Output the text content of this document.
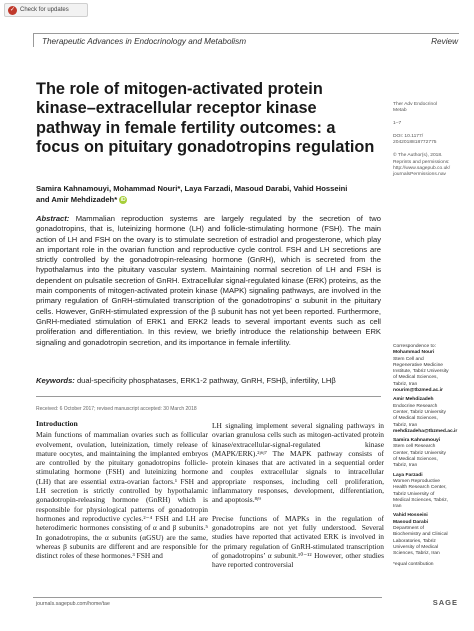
✓ Check for updates
Therapeutic Advances in Endocrinology and Metabolism	Review
The role of mitogen-activated protein kinase–extracellular receptor kinase pathway in female fertility outcomes: a focus on pituitary gonadotropins regulation
Ther Adv Endocrinol
Metab

1–7

DOI: 10.1177/
2042018818772775

© The Author(s), 2018.
Reprints and permissions:
http://www.sagepub.co.uk/
journalsPermissions.nav
Samira Kahnamouyi, Mohammad Nouri*, Laya Farzadi, Masoud Darabi, Vahid Hosseini
and Amir Mehdizadeh* iD
Abstract: Mammalian reproduction systems are largely regulated by the secretion of two gonadotropins, that is, luteinizing hormone (LH) and follicle-stimulating hormone (FSH). The main action of LH and FSH on the ovary is to stimulate secretion of estradiol and progesterone, which play an important role in the ovarian function and reproductive cycle control. FSH and LH secretions are strictly controlled by the gonadotropin-releasing hormone (GnRH), which is secreted from the hypothalamus into the pituitary vascular system. Maintaining normal secretion of LH and FSH is dependent on pulsatile secretion of GnRH. Extracellular signal-regulated kinase (ERK) proteins, as the main components of mitogen-activated protein kinase (MAPK) signaling pathways, are involved in the primary regulation of GnRH-stimulated transcription of the gonadotropins’ α subunit in the pituitary cells. However, GnRH-stimulated expression of the β subunit has not yet been reported. Furthermore, GnRH-mediated stimulation of ERK1 and ERK2 leads to several important events such as cell proliferation and differentiation. In this review, we briefly introduce the relationship between ERK signaling and gonadotropin secretion, and its importance in female infertility.
Keywords: dual-specificity phosphatases, ERK1-2 pathway, GnRH, FSHβ, infertility, LHβ
Received: 6 October 2017; revised manuscript accepted: 30 March 2018
Introduction

Main functions of mammalian ovaries such as follicular evolvement, ovulation, luteinization, timely release of mature oocytes, and maintaining the implanted embryos are controlled by the pituitary gonadotropins follicle-stimulating hormone (FSH) and luteinizing hormone (LH) that are essential extra-ovarian factors.¹ FSH and LH secretion is strictly controlled by hypothalamic gonadotropin-releasing hormone (GnRH) which is responsible for physiological patterns of gonadotropin hormones and reproductive cycles.²⁻⁴ FSH and LH are heterodimeric hormones consisting of α and β subunits.⁵ In gonadotropins, the α subunits (αGSU) are the same, whereas β subunits are different and are responsible for distinct roles of these hormones.³ FSH and

LH signaling implement several signaling pathways in ovarian granulosa cells such as mitogen-activated protein kinase/extracellular-signal-regulated kinase (MAPK/ERK).²ʲ⁶ʲ⁷ The MAPK pathway consists of protein kinases that are activated in a sequential order and couples extracellular signals to intracellular appropriate responses, including cell proliferation, inflammatory responses, development, differentiation, and apoptosis.⁸ʲ⁹

Precise functions of MAPKs in the regulation of gonadotropins are not yet fully understood. Several studies have reported that activated ERK is involved in the primary regulation of GnRH-stimulated transcription of gonadotropins’ α subunit.¹⁰⁻¹² However, other studies have reported controversial

Correspondence to:
Mohammad Nouri
Stem Cell and
Regenerative Medicine
Institute, Tabriz University
of Medical Sciences,
Tabriz, Iran
nourim@tbzmed.ac.ir
Amir Mehdizadeh
Endocrine Research
Center, Tabriz University
of Medical Sciences,
Tabriz, Iran
mehdizadeha@tbzmed.ac.ir
Samira Kahnamouyi
Stem cell Research
Center, Tabriz University
of Medical Sciences,
Tabriz, Iran
Laya Farzadi
Women Reproductive
Health Research Center,
Tabriz University of
Medical Sciences, Tabriz,
Iran
Vahid Hosseini
Masoud Darabi
Department of
Biochemistry and Clinical
Laboratories, Tabriz
University of Medical
Sciences, Tabriz, Iran
*equal contribution
journals.sagepub.com/home/tae	SAGE
